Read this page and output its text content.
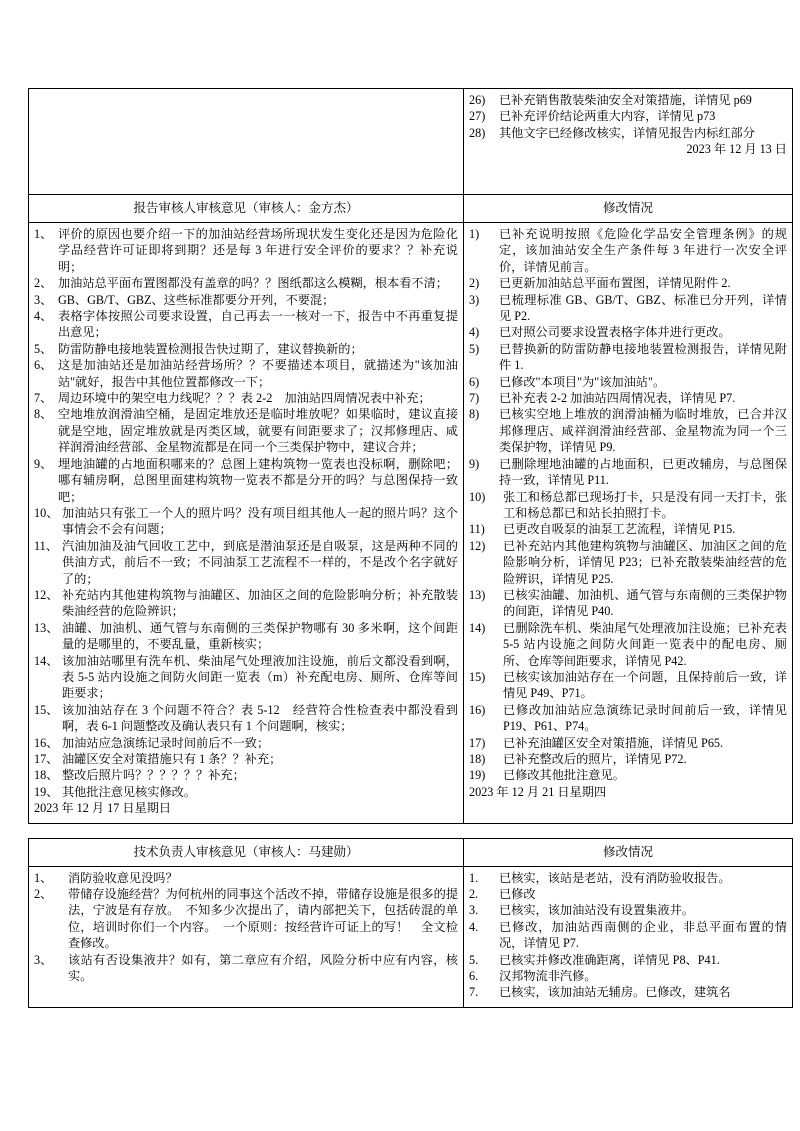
26)	已补充销售散装柴油安全对策措施，详情见 p69
27)	已补充评价结论两重大内容，详情见 p73
28)	其他文字已经修改核实，详情见报告内标红部分

2023 年 12 月 13 日

报告审核人审核意见（审核人：金方杰）	修改情况

1、 评价的原因也要介绍一下的加油站经营场所现状发生变化还是因为危险化学品经营许可证即将到期？还是每 3 年进行安全评价的要求？？补充说明；
2、 加油站总平面布置图都没有盖章的吗？？图纸都这么模糊，根本看不清；
3、 GB、GB/T、GBZ、这些标准都要分开列，不要混；
4、 表格字体按照公司要求设置，自己再去一一核对一下，报告中不再重复提出意见；
5、 防雷防静电接地装置检测报告快过期了，建议替换新的；
6、 这是加油站还是加油站经营场所？？不要描述本项目，就描述为"该加油站"就好，报告中其他位置都修改一下；
7、 周边环境中的架空电力线呢？？？表 2-2　加油站四周情况表中补充；
8、 空地堆放润滑油空桶，是固定堆放还是临时堆放呢？如果临时，建议直接就是空地，固定堆放就是丙类区域，就要有间距要求了；汉邦修理店、咸祥润滑油经营部、金星物流都是在同一个三类保护物中，建议合并；
9、 埋地油罐的占地面积哪来的？总图上建构筑物一览表也没标啊，删除吧；哪有辅房啊，总图里面建构筑物一览表不都是分开的吗？与总图保持一致吧；
10、 加油站只有张工一个人的照片吗？没有项目组其他人一起的照片吗？这个事情会不会有问题；
11、 汽油加油及油气回收工艺中，到底是潜油泵还是自吸泵，这是两种不同的供油方式，前后不一致；不同油泵工艺流程不一样的，不是改个名字就好了的；
12、 补充站内其他建构筑物与油罐区、加油区之间的危险影响分析；补充散装柴油经营的危险辨识；
13、 油罐、加油机、通气管与东南侧的三类保护物哪有 30 多米啊，这个间距量的是哪里的，不要乱量，重新核实；
14、 该加油站哪里有洗车机、柴油尾气处理液加注设施，前后文都没看到啊，表 5-5 站内设施之间防火间距一览表（m）补充配电房、厕所、仓库等间距要求；
15、 该加油站存在 3 个问题不符合？表 5-12　经营符合性检查表中都没看到啊，表 6-1 问题整改及确认表只有 1 个问题啊，核实；
16、 加油站应急演练记录时间前后不一致；
17、 油罐区安全对策措施只有 1 条？？补充；
18、 整改后照片吗？？？？？？补充；
19、 其他批注意见核实修改。

2023 年 12 月 17 日星期日

1)	已补充说明按照《危险化学品安全管理条例》的规定，该加油站安全生产条件每 3 年进行一次安全评价，详情见前言。
2)	已更新加油站总平面布置图，详情见附件 2.
3)	已梳理标准 GB、GB/T、GBZ、标准已分开列，详情见 P2.
4)	已对照公司要求设置表格字体并进行更改。
5)	已替换新的防雷防静电接地装置检测报告，详情见附件 1.
6)	已修改"本项目"为"该加油站"。
7)	已补充表 2-2 加油站四周情况表，详情见 P7.
8)	已核实空地上堆放的润滑油桶为临时堆放，已合并汉邦修理店、咸祥润滑油经营部、金星物流为同一个三类保护物，详情见 P9.
9)	已删除埋地油罐的占地面积，已更改辅房，与总图保持一致，详情见 P11.
10)	张工和杨总都已现场打卡，只是没有同一天打卡，张工和杨总都已和站长拍照打卡。
11)	已更改自吸泵的油泵工艺流程，详情见 P15.
12)	已补充站内其他建构筑物与油罐区、加油区之间的危险影响分析，详情见 P23；已补充散装柴油经营的危险辨识，详情见 P25.
13)	已核实油罐、加油机、通气管与东南侧的三类保护物的间距，详情见 P40.
14)	已删除洗车机、柴油尾气处理液加注设施；已补充表 5-5 站内设施之间防火间距一览表中的配电房、厕所、仓库等间距要求，详情见 P42.
15)	已核实该加油站存在一个问题，且保持前后一致，详情见 P49、P71。
16)	已修改加油站应急演练记录时间前后一致，详情见 P19、P61、P74。
17)	已补充油罐区安全对策措施，详情见 P65.
18)	已补充整改后的照片，详情见 P72.
19)	已修改其他批注意见。

2023 年 12 月 21 日星期四

技术负责人审核意见（审核人：马建勋）	修改情况

1、	消防验收意见没吗？
2、	带储存设施经营？为何杭州的同事这个活改不掉，带储存设施是很多的提法，宁波是有存放。　不知多少次提出了，请内部把关下，包括砖混的单位，培训时你们一个内容。　一个原则：按经营许可证上的写！　全文检查修改。
3、	该站有否设集液井？如有，第二章应有介绍，风险分析中应有内容，核实。

1.	已核实，该站是老站，没有消防验收报告。
2.	已修改
3.	已核实，该加油站没有设置集液井。
4.	已修改，加油站西南侧的企业，非总平面布置的情况，详情见 P7.
5.	已核实并修改准确距离，详情见 P8、P41.
6.	汉邦物流非汽修。
7.	已核实，该加油站无辅房。已修改，建筑名
